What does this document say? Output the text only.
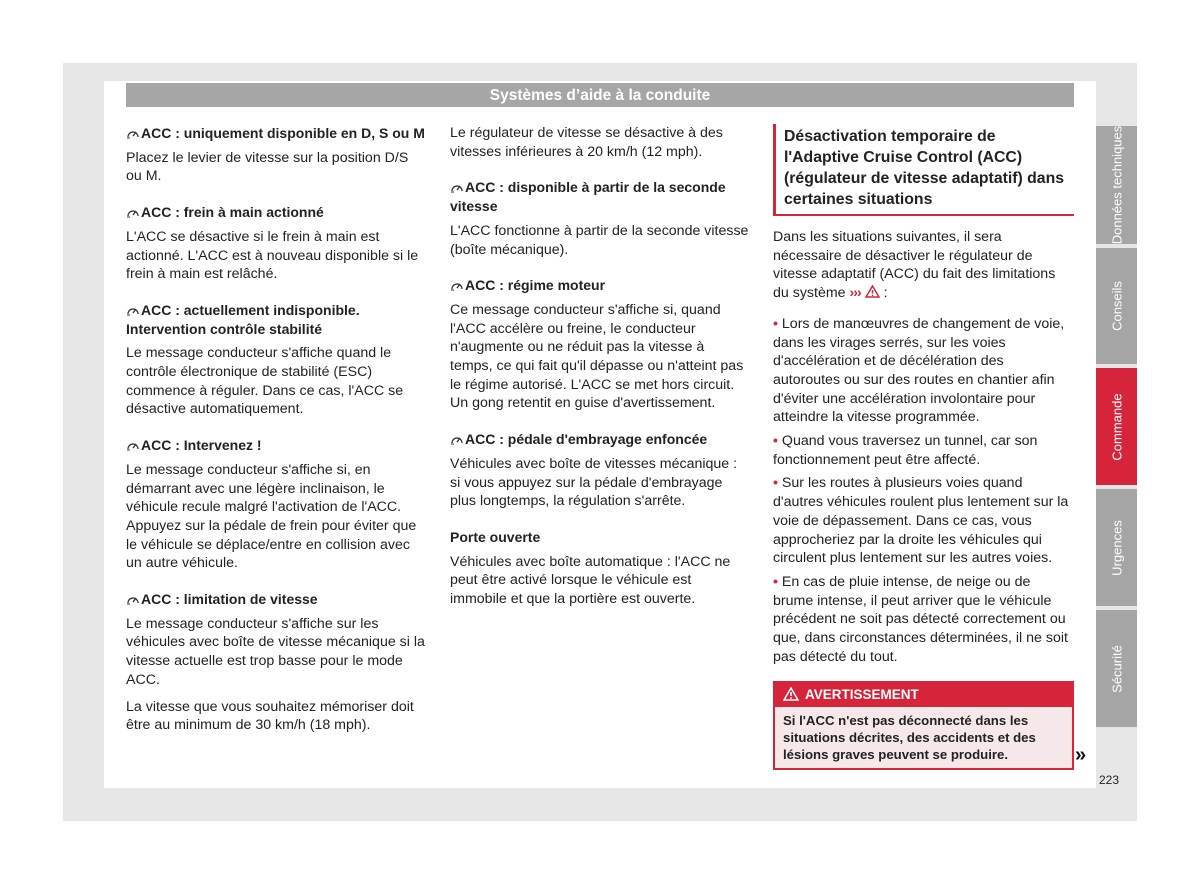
Systèmes d’aide à la conduite
ACC : uniquement disponible en D, S ou M
Placez le levier de vitesse sur la position D/S ou M.
ACC : frein à main actionné
L'ACC se désactive si le frein à main est actionné. L'ACC est à nouveau disponible si le frein à main est relâché.
ACC : actuellement indisponible. Intervention contrôle stabilité
Le message conducteur s'affiche quand le contrôle électronique de stabilité (ESC) commence à réguler. Dans ce cas, l'ACC se désactive automatiquement.
ACC : Intervenez !
Le message conducteur s'affiche si, en démarrant avec une légère inclinaison, le véhicule recule malgré l'activation de l'ACC. Appuyez sur la pédale de frein pour éviter que le véhicule se déplace/entre en collision avec un autre véhicule.
ACC : limitation de vitesse
Le message conducteur s'affiche sur les véhicules avec boîte de vitesse mécanique si la vitesse actuelle est trop basse pour le mode ACC.
La vitesse que vous souhaitez mémoriser doit être au minimum de 30 km/h (18 mph).
Le régulateur de vitesse se désactive à des vitesses inférieures à 20 km/h (12 mph).
ACC : disponible à partir de la seconde vitesse
L'ACC fonctionne à partir de la seconde vitesse (boîte mécanique).
ACC : régime moteur
Ce message conducteur s'affiche si, quand l'ACC accélère ou freine, le conducteur n'augmente ou ne réduit pas la vitesse à temps, ce qui fait qu'il dépasse ou n'atteint pas le régime autorisé. L'ACC se met hors circuit. Un gong retentit en guise d'avertissement.
ACC : pédale d'embrayage enfoncée
Véhicules avec boîte de vitesses mécanique : si vous appuyez sur la pédale d'embrayage plus longtemps, la régulation s'arrête.
Porte ouverte
Véhicules avec boîte automatique : l'ACC ne peut être activé lorsque le véhicule est immobile et que la portière est ouverte.
Désactivation temporaire de l'Adaptive Cruise Control (ACC) (régulateur de vitesse adaptatif) dans certaines situations
Dans les situations suivantes, il sera nécessaire de désactiver le régulateur de vitesse adaptatif (ACC) du fait des limitations du système ››› :
• Lors de manœuvres de changement de voie, dans les virages serrés, sur les voies d'accélération et de décélération des autoroutes ou sur des routes en chantier afin d'éviter une accélération involontaire pour atteindre la vitesse programmée.
• Quand vous traversez un tunnel, car son fonctionnement peut être affecté.
• Sur les routes à plusieurs voies quand d'autres véhicules roulent plus lentement sur la voie de dépassement. Dans ce cas, vous approcheriez par la droite les véhicules qui circulent plus lentement sur les autres voies.
• En cas de pluie intense, de neige ou de brume intense, il peut arriver que le véhicule précédent ne soit pas détecté correctement ou que, dans circonstances déterminées, il ne soit pas détecté du tout.
AVERTISSEMENT
Si l'ACC n'est pas déconnecté dans les situations décrites, des accidents et des lésions graves peuvent se produire.	»
223
Données techniques
Conseils
Commande
Urgences
Sécurité
